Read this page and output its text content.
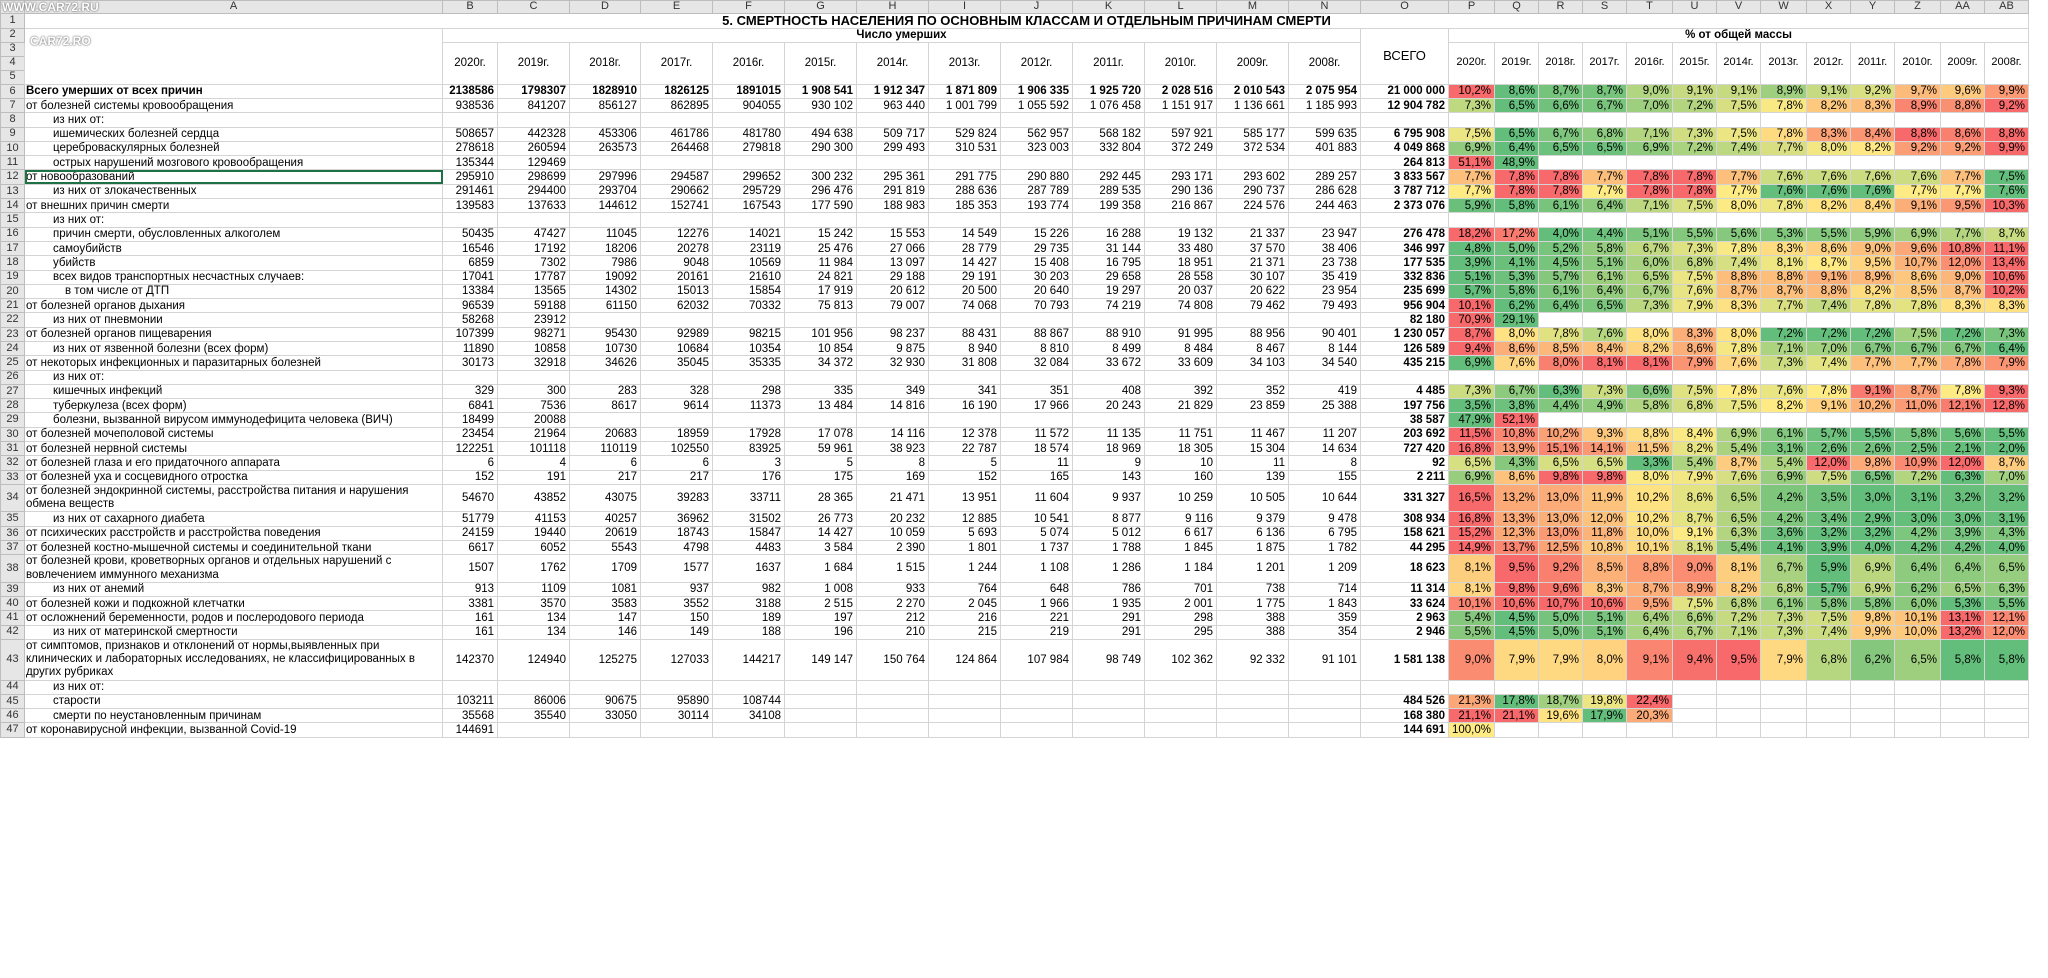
	A	B	C	D	E	F	G	H	I	J	K	L	M	N	O	P	Q	R	S	T	U	V	W	X	Y	Z	AA	AB
1	5. СМЕРТНОСТЬ НАСЕЛЕНИЯ ПО ОСНОВНЫМ КЛАССАМ И ОТДЕЛЬНЫМ ПРИЧИНАМ СМЕРТИ																											
2		Число умерших													ВСЕГО	% от общей массы												
3		2020г.	2019г.	2018г.	2017г.	2016г.	2015г.	2014г.	2013г.	2012г.	2011г.	2010г.	2009г.	2008г.		2020г.	2019г.	2018г.	2017г.	2016г.	2015г.	2014г.	2013г.	2012г.	2011г.	2010г.	2009г.	2008г.
4																												
5																												
6	Всего умерших от всех причин	2138586	1798307	1828910	1826125	1891015	1 908 541	1 912 347	1 871 809	1 906 335	1 925 720	2 028 516	2 010 543	2 075 954	21 000 000	10,2%	8,6%	8,7%	8,7%	9,0%	9,1%	9,1%	8,9%	9,1%	9,2%	9,7%	9,6%	9,9%
7	от болезней системы кровообращения	938536	841207	856127	862895	904055	930 102	963 440	1 001 799	1 055 592	1 076 458	1 151 917	1 136 661	1 185 993	12 904 782	7,3%	6,5%	6,6%	6,7%	7,0%	7,2%	7,5%	7,8%	8,2%	8,3%	8,9%	8,8%	9,2%
8	из них от:																											
9	ишемических болезней сердца	508657	442328	453306	461786	481780	494 638	509 717	529 824	562 957	568 182	597 921	585 177	599 635	6 795 908	7,5%	6,5%	6,7%	6,8%	7,1%	7,3%	7,5%	7,8%	8,3%	8,4%	8,8%	8,6%	8,8%
10	цереброваскулярных болезней	278618	260594	263573	264468	279818	290 300	299 493	310 531	323 003	332 804	372 249	372 534	401 883	4 049 868	6,9%	6,4%	6,5%	6,5%	6,9%	7,2%	7,4%	7,7%	8,0%	8,2%	9,2%	9,2%	9,9%
11	острых нарушений мозгового кровообращения	135344	129469												264 813	51,1%	48,9%											
12	от новообразований	295910	298699	297996	294587	299652	300 232	295 361	291 775	290 880	292 445	293 171	293 602	289 257	3 833 567	7,7%	7,8%	7,8%	7,7%	7,8%	7,8%	7,7%	7,6%	7,6%	7,6%	7,6%	7,7%	7,5%
13	из них от злокачественных	291461	294400	293704	290662	295729	296 476	291 819	288 636	287 789	289 535	290 136	290 737	286 628	3 787 712	7,7%	7,8%	7,8%	7,7%	7,8%	7,8%	7,7%	7,6%	7,6%	7,6%	7,7%	7,7%	7,6%
14	от внешних причин смерти	139583	137633	144612	152741	167543	177 590	188 983	185 353	193 774	199 358	216 867	224 576	244 463	2 373 076	5,9%	5,8%	6,1%	6,4%	7,1%	7,5%	8,0%	7,8%	8,2%	8,4%	9,1%	9,5%	10,3%
15	из них от:																											
16	причин смерти, обусловленных алкоголем	50435	47427	11045	12276	14021	15 242	15 553	14 549	15 226	16 288	19 132	21 337	23 947	276 478	18,2%	17,2%	4,0%	4,4%	5,1%	5,5%	5,6%	5,3%	5,5%	5,9%	6,9%	7,7%	8,7%
17	самоубийств	16546	17192	18206	20278	23119	25 476	27 066	28 779	29 735	31 144	33 480	37 570	38 406	346 997	4,8%	5,0%	5,2%	5,8%	6,7%	7,3%	7,8%	8,3%	8,6%	9,0%	9,6%	10,8%	11,1%
18	убийств	6859	7302	7986	9048	10569	11 984	13 097	14 427	15 408	16 795	18 951	21 371	23 738	177 535	3,9%	4,1%	4,5%	5,1%	6,0%	6,8%	7,4%	8,1%	8,7%	9,5%	10,7%	12,0%	13,4%
19	всех видов транспортных несчастных случаев:	17041	17787	19092	20161	21610	24 821	29 188	29 191	30 203	29 658	28 558	30 107	35 419	332 836	5,1%	5,3%	5,7%	6,1%	6,5%	7,5%	8,8%	8,8%	9,1%	8,9%	8,6%	9,0%	10,6%
20	в том числе от ДТП	13384	13565	14302	15013	15854	17 919	20 612	20 500	20 640	19 297	20 037	20 622	23 954	235 699	5,7%	5,8%	6,1%	6,4%	6,7%	7,6%	8,7%	8,7%	8,8%	8,2%	8,5%	8,7%	10,2%
21	от болезней органов дыхания	96539	59188	61150	62032	70332	75 813	79 007	74 068	70 793	74 219	74 808	79 462	79 493	956 904	10,1%	6,2%	6,4%	6,5%	7,3%	7,9%	8,3%	7,7%	7,4%	7,8%	7,8%	8,3%	8,3%
22	из них от пневмонии	58268	23912												82 180	70,9%	29,1%											
23	от болезней органов пищеварения	107399	98271	95430	92989	98215	101 956	98 237	88 431	88 867	88 910	91 995	88 956	90 401	1 230 057	8,7%	8,0%	7,8%	7,6%	8,0%	8,3%	8,0%	7,2%	7,2%	7,2%	7,5%	7,2%	7,3%
24	из них от язвенной болезни (всех форм)	11890	10858	10730	10684	10354	10 854	9 875	8 940	8 810	8 499	8 484	8 467	8 144	126 589	9,4%	8,6%	8,5%	8,4%	8,2%	8,6%	7,8%	7,1%	7,0%	6,7%	6,7%	6,7%	6,4%
25	от некоторых инфекционных и паразитарных болезней	30173	32918	34626	35045	35335	34 372	32 930	31 808	32 084	33 672	33 609	34 103	34 540	435 215	6,9%	7,6%	8,0%	8,1%	8,1%	7,9%	7,6%	7,3%	7,4%	7,7%	7,7%	7,8%	7,9%
26	из них от:																											
27	кишечных инфекций	329	300	283	328	298	335	349	341	351	408	392	352	419	4 485	7,3%	6,7%	6,3%	7,3%	6,6%	7,5%	7,8%	7,6%	7,8%	9,1%	8,7%	7,8%	9,3%
28	туберкулеза (всех форм)	6841	7536	8617	9614	11373	13 484	14 816	16 190	17 966	20 243	21 829	23 859	25 388	197 756	3,5%	3,8%	4,4%	4,9%	5,8%	6,8%	7,5%	8,2%	9,1%	10,2%	11,0%	12,1%	12,8%
29	болезни, вызванной вирусом иммунодефицита человека (ВИЧ)	18499	20088												38 587	47,9%	52,1%											
30	от болезней мочеполовой системы	23454	21964	20683	18959	17928	17 078	14 116	12 378	11 572	11 135	11 751	11 467	11 207	203 692	11,5%	10,8%	10,2%	9,3%	8,8%	8,4%	6,9%	6,1%	5,7%	5,5%	5,8%	5,6%	5,5%
31	от болезней нервной системы	122251	101118	110119	102550	83925	59 961	38 923	22 787	18 574	18 969	18 305	15 304	14 634	727 420	16,8%	13,9%	15,1%	14,1%	11,5%	8,2%	5,4%	3,1%	2,6%	2,6%	2,5%	2,1%	2,0%
32	от болезней глаза и его придаточного аппарата	6	4	6	6	3	5	8	5	11	9	10	11	8	92	6,5%	4,3%	6,5%	6,5%	3,3%	5,4%	8,7%	5,4%	12,0%	9,8%	10,9%	12,0%	8,7%
33	от болезней уха и сосцевидного отростка	152	191	217	217	176	175	169	152	165	143	160	139	155	2 211	6,9%	8,6%	9,8%	9,8%	8,0%	7,9%	7,6%	6,9%	7,5%	6,5%	7,2%	6,3%	7,0%
34	от болезней эндокринной системы, расстройства питания и нарушения обмена веществ	54670	43852	43075	39283	33711	28 365	21 471	13 951	11 604	9 937	10 259	10 505	10 644	331 327	16,5%	13,2%	13,0%	11,9%	10,2%	8,6%	6,5%	4,2%	3,5%	3,0%	3,1%	3,2%	3,2%
35	из них от сахарного диабета	51779	41153	40257	36962	31502	26 773	20 232	12 885	10 541	8 877	9 116	9 379	9 478	308 934	16,8%	13,3%	13,0%	12,0%	10,2%	8,7%	6,5%	4,2%	3,4%	2,9%	3,0%	3,0%	3,1%
36	от психических расстройств и расстройства поведения	24159	19440	20619	18743	15847	14 427	10 059	5 693	5 074	5 012	6 617	6 136	6 795	158 621	15,2%	12,3%	13,0%	11,8%	10,0%	9,1%	6,3%	3,6%	3,2%	3,2%	4,2%	3,9%	4,3%
37	от болезней костно-мышечной системы и соединительной ткани	6617	6052	5543	4798	4483	3 584	2 390	1 801	1 737	1 788	1 845	1 875	1 782	44 295	14,9%	13,7%	12,5%	10,8%	10,1%	8,1%	5,4%	4,1%	3,9%	4,0%	4,2%	4,2%	4,0%
38	от болезней крови, кроветворных органов и отдельных нарушений с вовлечением иммунного механизма	1507	1762	1709	1577	1637	1 684	1 515	1 244	1 108	1 286	1 184	1 201	1 209	18 623	8,1%	9,5%	9,2%	8,5%	8,8%	9,0%	8,1%	6,7%	5,9%	6,9%	6,4%	6,4%	6,5%
39	из них от анемий	913	1109	1081	937	982	1 008	933	764	648	786	701	738	714	11 314	8,1%	9,8%	9,6%	8,3%	8,7%	8,9%	8,2%	6,8%	5,7%	6,9%	6,2%	6,5%	6,3%
40	от болезней кожи и подкожной клетчатки	3381	3570	3583	3552	3188	2 515	2 270	2 045	1 966	1 935	2 001	1 775	1 843	33 624	10,1%	10,6%	10,7%	10,6%	9,5%	7,5%	6,8%	6,1%	5,8%	5,8%	6,0%	5,3%	5,5%
41	от осложнений беременности, родов и послеродового периода	161	134	147	150	189	197	212	216	221	291	298	388	359	2 963	5,4%	4,5%	5,0%	5,1%	6,4%	6,6%	7,2%	7,3%	7,5%	9,8%	10,1%	13,1%	12,1%
42	из них от материнской смертности	161	134	146	149	188	196	210	215	219	291	295	388	354	2 946	5,5%	4,5%	5,0%	5,1%	6,4%	6,7%	7,1%	7,3%	7,4%	9,9%	10,0%	13,2%	12,0%
43	от симптомов, признаков и отклонений от нормы,выявленных при клинических и лабораторных исследованиях, не классифицированных в других рубриках	142370	124940	125275	127033	144217	149 147	150 764	124 864	107 984	98 749	102 362	92 332	91 101	1 581 138	9,0%	7,9%	7,9%	8,0%	9,1%	9,4%	9,5%	7,9%	6,8%	6,2%	6,5%	5,8%	5,8%
44	из них от:																											
45	старости	103211	86006	90675	95890	108744									484 526	21,3%	17,8%	18,7%	19,8%	22,4%								
46	смерти по неустановленным причинам	35568	35540	33050	30114	34108									168 380	21,1%	21,1%	19,6%	17,9%	20,3%								
47	от коронавирусной инфекции, вызванной Covid-19	144691													144 691	100,0%												
WWW.CAR72.RU
CAR72.RO
